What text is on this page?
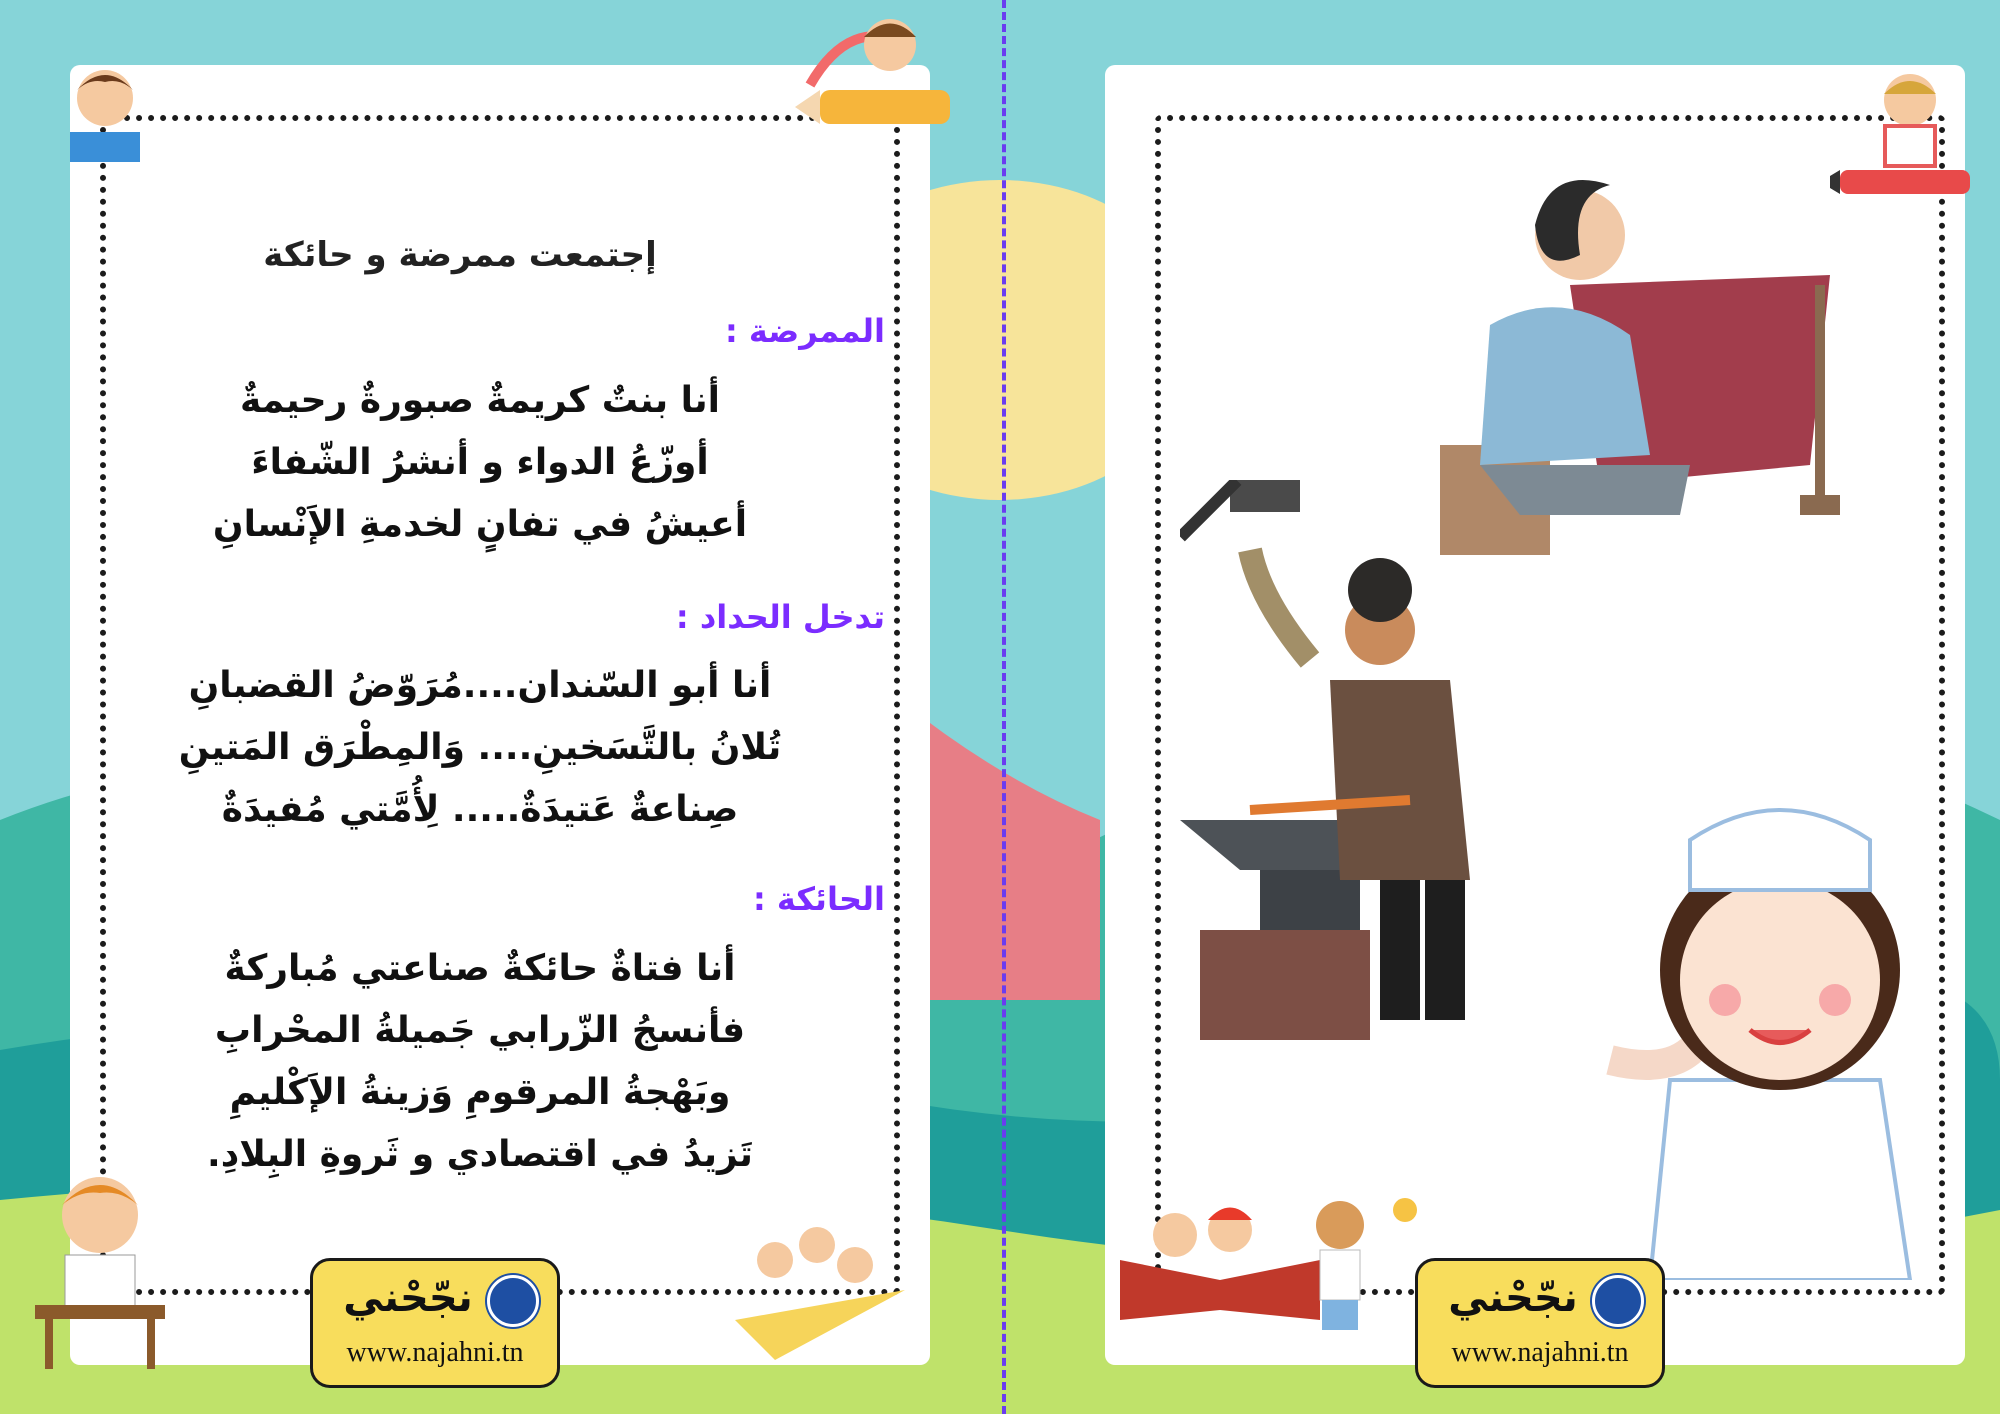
إجتمعت ممرضة و حائكة
الممرضة :
أنا بنتٌ كريمةٌ صبورةٌ رحيمةٌ
أوزّعُ الدواء و أنشرُ الشّفاءَ
أعيشُ في تفانٍ لخدمةِ الإَنْسانِ
تدخل الحداد :
أنا أبو السّندان....مُرَوّضُ القضبانِ
تُلانُ بالتَّسَخينِ.... وَالمِطْرَق المَتينِ
صِناعةٌ عَتيدَةٌ..... لِأُمَّتي مُفيدَةٌ
الحائكة :
أنا فتاةٌ حائكةٌ صناعتي مُباركةٌ
فأنسجُ الزّرابي جَميلةُ المحْرابِ
وبَهْجةُ المرقومِ وَزينةُ الإَكْليمِ
تَزيدُ في اقتصادي و ثَروةِ البِلادِ.
نجّحْني
www.najahni.tn
نجّحْني
www.najahni.tn
